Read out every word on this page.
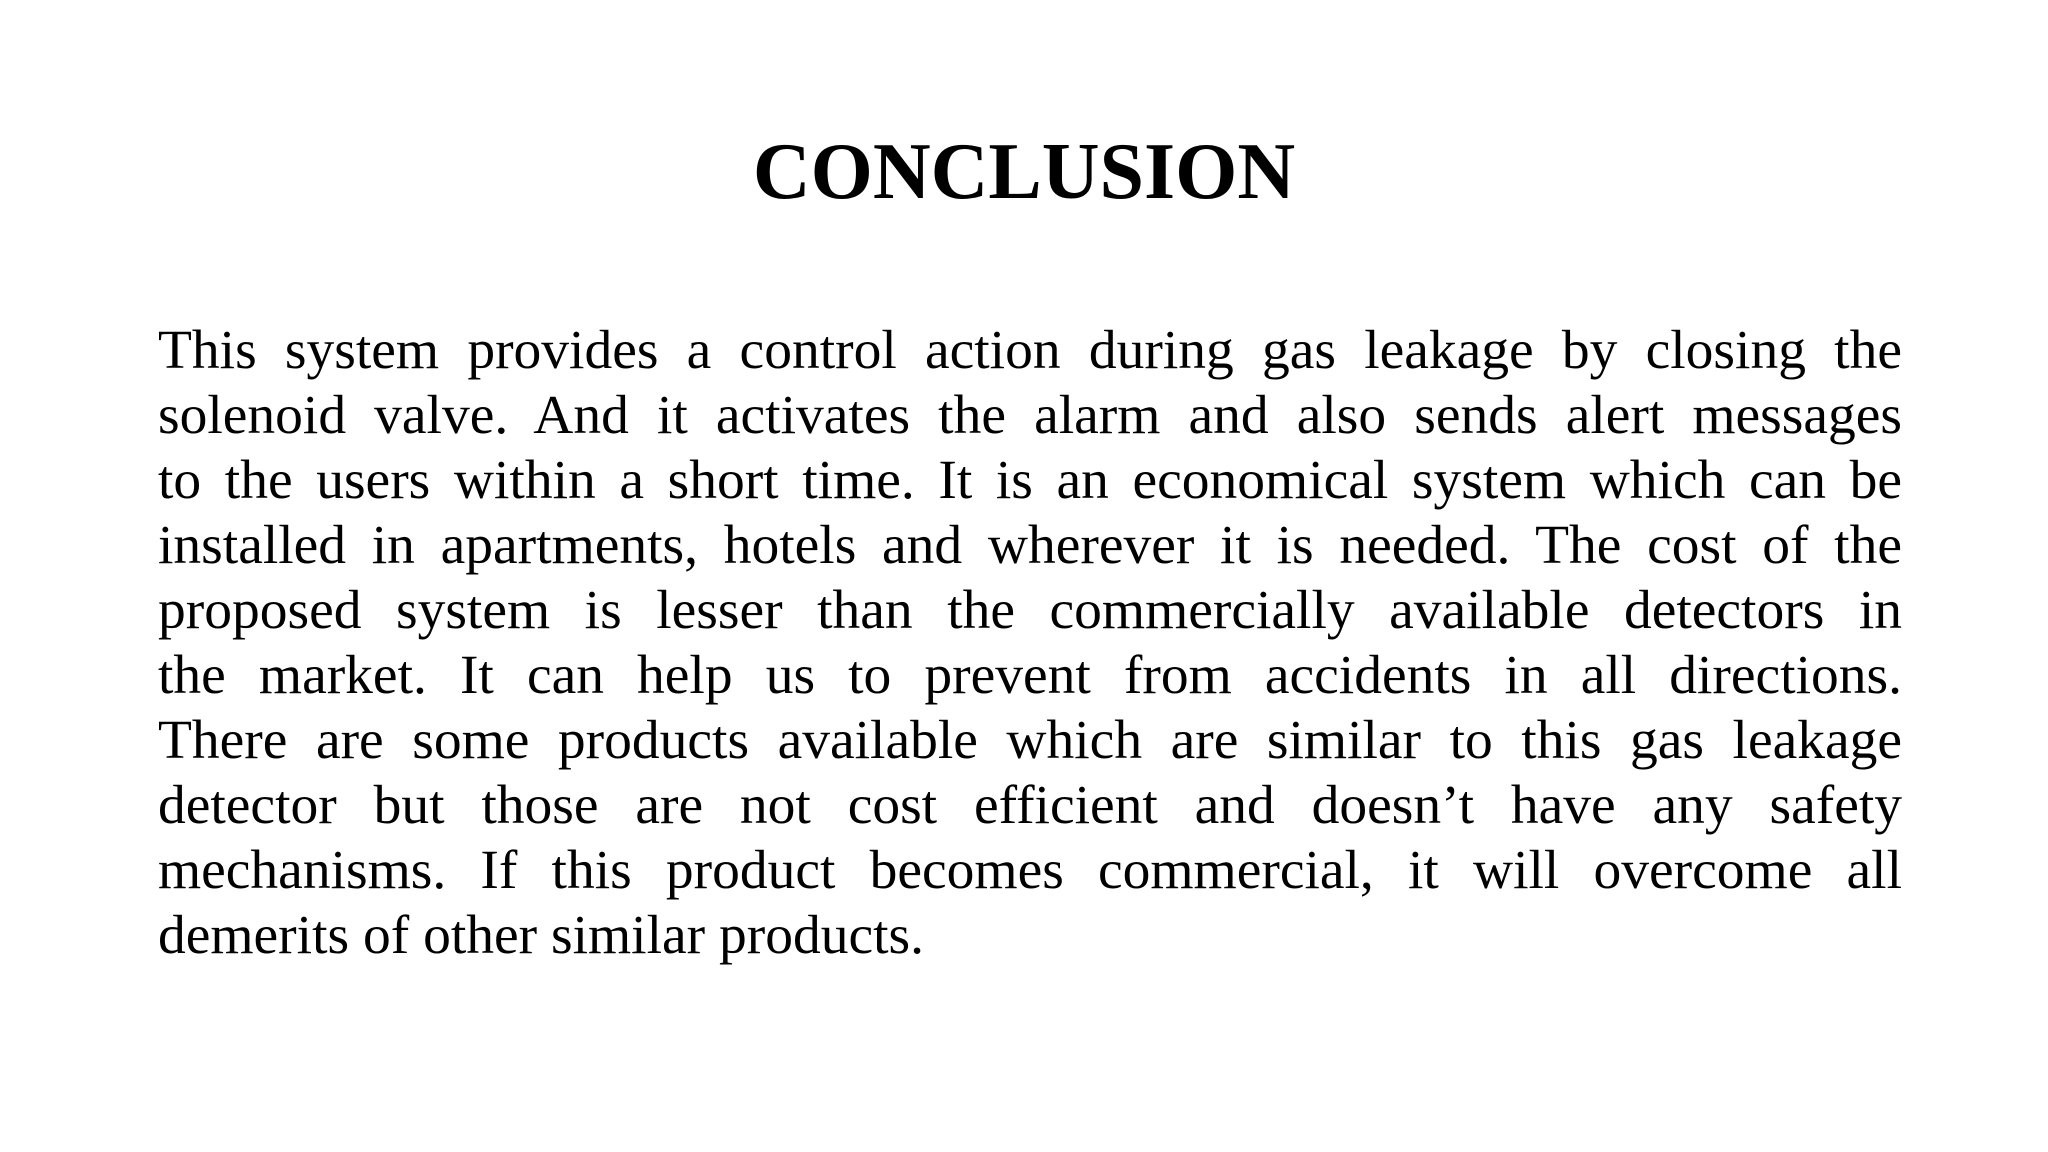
CONCLUSION
This system provides a control action during gas leakage by closing the
solenoid valve. And it activates the alarm and also sends alert messages
to the users within a short time. It is an economical system which can be
installed in apartments, hotels and wherever it is needed. The cost of the
proposed system is lesser than the commercially available detectors in
the market. It can help us to prevent from accidents in all directions.
There are some products available which are similar to this gas leakage
detector but those are not cost efficient and doesn’t have any safety
mechanisms. If this product becomes commercial, it will overcome all
demerits of other similar products.
